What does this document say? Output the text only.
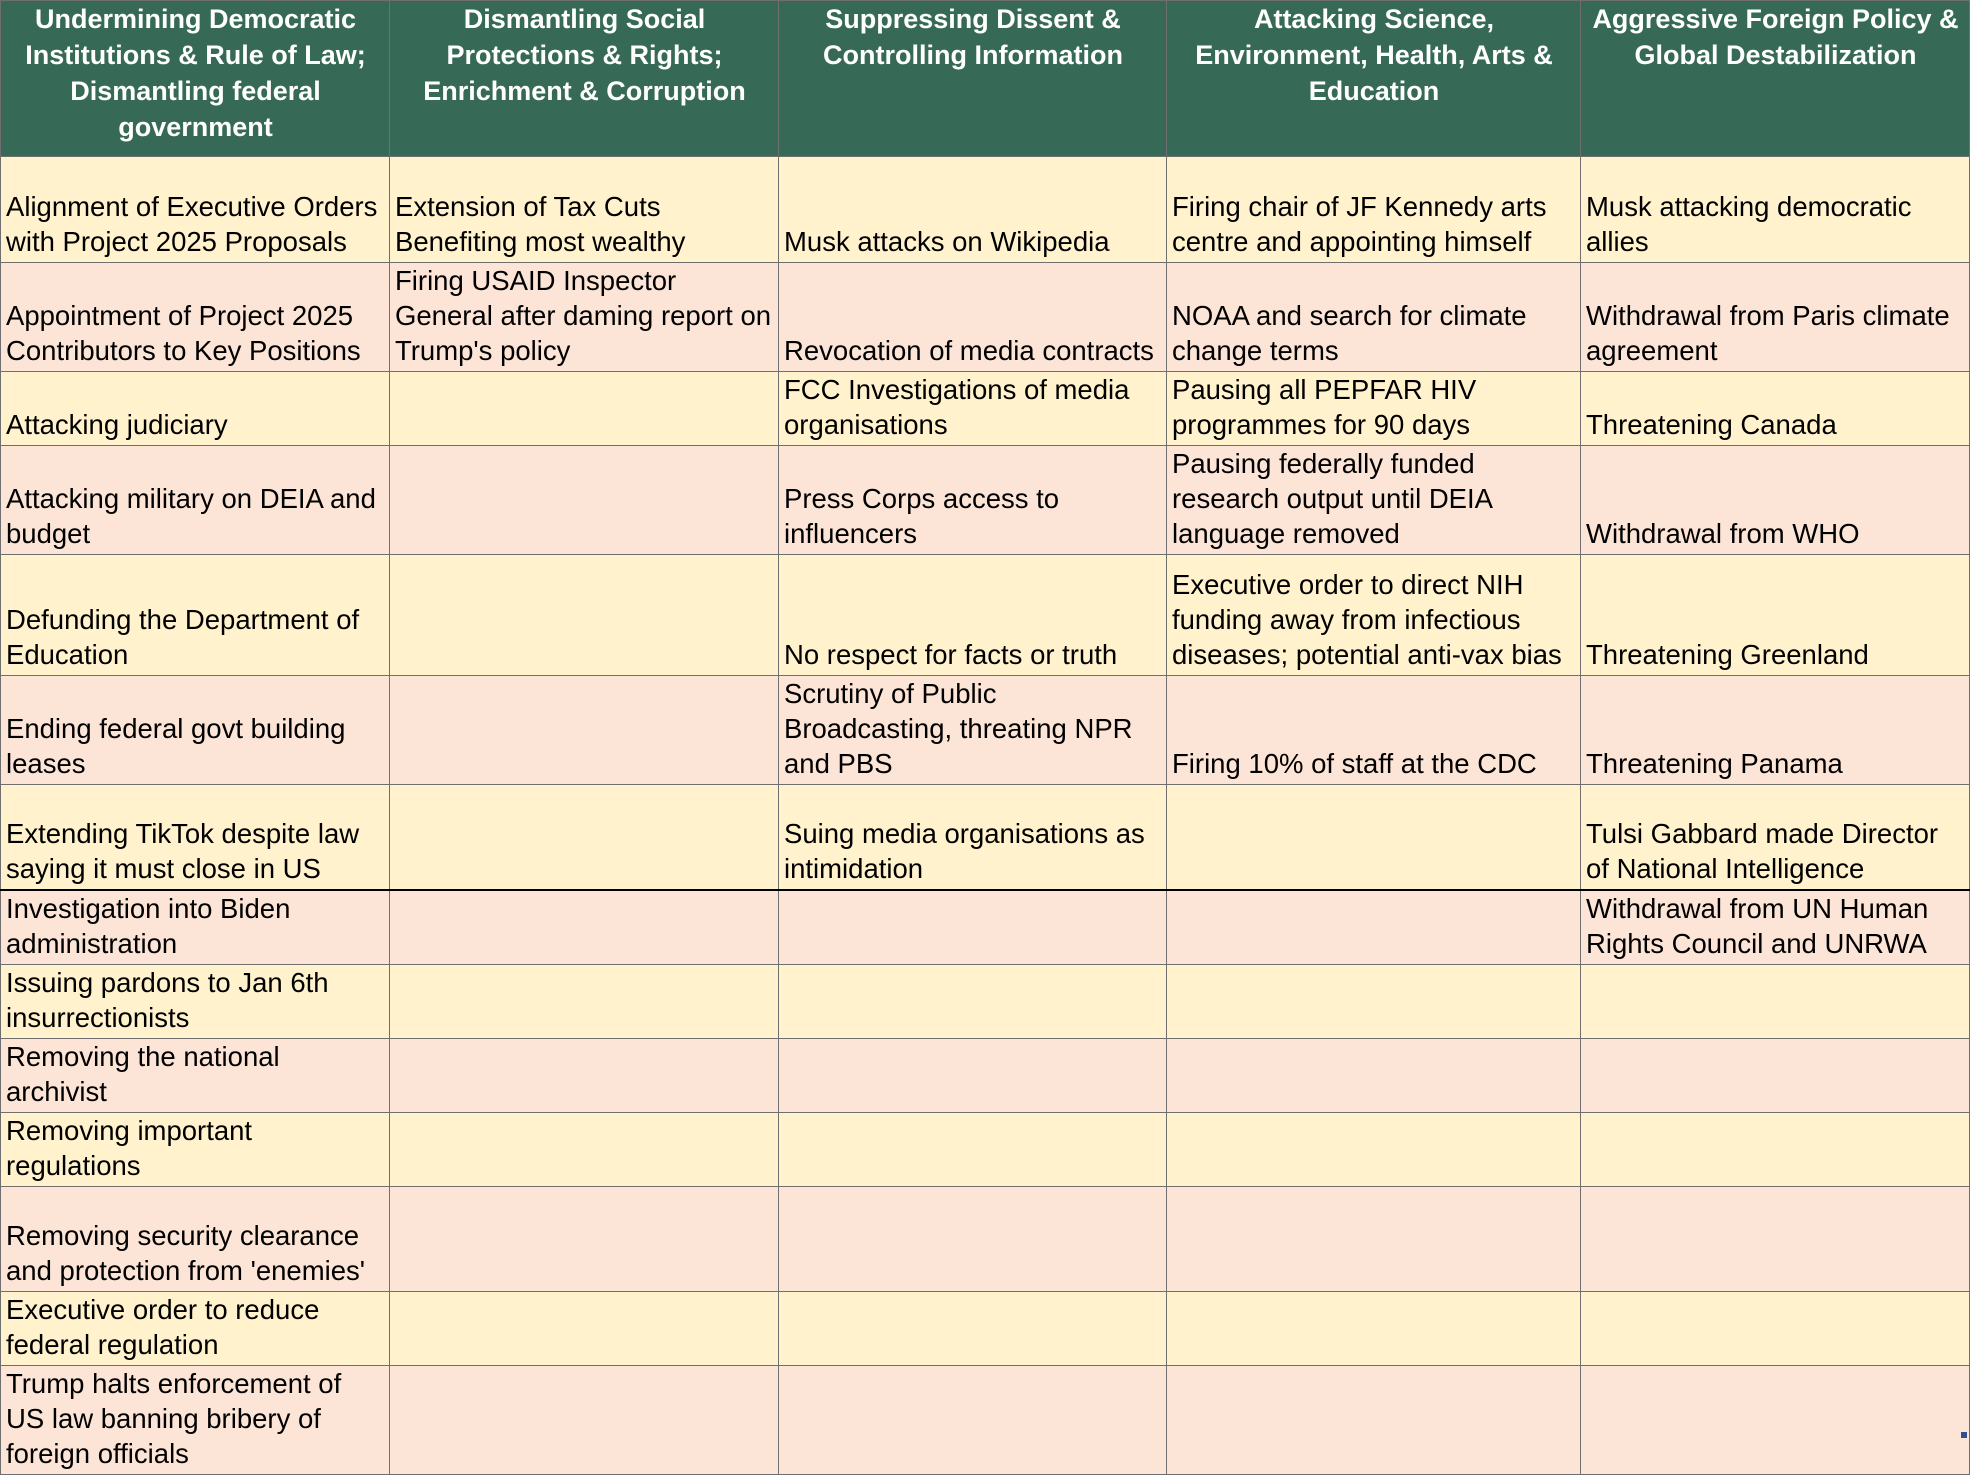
Undermining Democratic Institutions & Rule of Law; Dismantling federal government	Dismantling Social Protections & Rights; Enrichment & Corruption	Suppressing Dissent & Controlling Information	Attacking Science, Environment, Health, Arts & Education	Aggressive Foreign Policy & Global Destabilization
Alignment of Executive Orders with Project 2025 Proposals	Extension of Tax Cuts Benefiting most wealthy	Musk attacks on Wikipedia	Firing chair of JF Kennedy arts centre and appointing himself	Musk attacking democratic allies
Appointment of Project 2025 Contributors to Key Positions	Firing USAID Inspector General after daming report on Trump's policy	Revocation of media contracts	NOAA and search for climate change terms	Withdrawal from Paris climate agreement
Attacking judiciary		FCC Investigations of media organisations	Pausing all PEPFAR HIV programmes for 90 days	Threatening Canada
Attacking military on DEIA and budget		Press Corps access to influencers	Pausing federally funded research output until DEIA language removed	Withdrawal from WHO
Defunding the Department of Education		No respect for facts or truth	Executive order to direct NIH funding away from infectious diseases; potential anti-vax bias	Threatening Greenland
Ending federal govt building leases		Scrutiny of Public Broadcasting, threating NPR and PBS	Firing 10% of staff at the CDC	Threatening Panama
Extending TikTok despite law saying it must close in US		Suing media organisations as intimidation		Tulsi Gabbard made Director of National Intelligence
Investigation into Biden administration				Withdrawal from UN Human Rights Council and UNRWA
Issuing pardons to Jan 6th insurrectionists				
Removing the national archivist				
Removing important regulations				
Removing security clearance and protection from 'enemies'				
Executive order to reduce federal regulation				
Trump halts enforcement of US law banning bribery of foreign officials				
